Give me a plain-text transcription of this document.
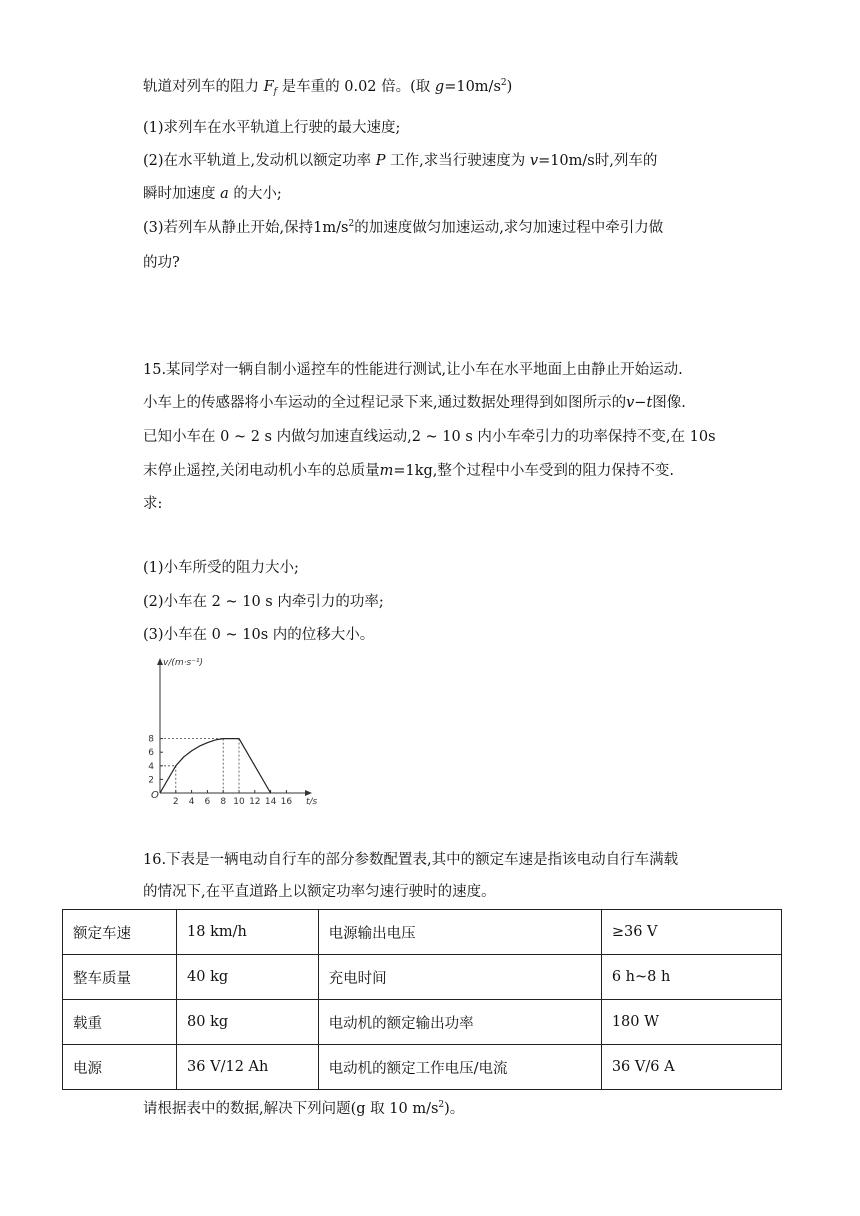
轨道对列车的阻力 $F_f$ 是车重的 0.02 倍。(取 $g=10m/s^2$)
(1)求列车在水平轨道上行驶的最大速度;
(2)在水平轨道上,发动机以额定功率 P 工作,求当行驶速度为 v=10m/s时,列车的
瞬时加速度 a 的大小;
(3)若列车从静止开始,保持$1m/s^2$的加速度做匀加速运动,求匀加速过程中牵引力做
的功?
15.某同学对一辆自制小遥控车的性能进行测试,让小车在水平地面上由静止开始运动.
小车上的传感器将小车运动的全过程记录下来,通过数据处理得到如图所示的v−t图像.
已知小车在 0 ~ 2 s 内做匀加速直线运动,2 ~ 10 s 内小车牵引力的功率保持不变,在 10s
末停止遥控,关闭电动机小车的总质量m=1kg,整个过程中小车受到的阻力保持不变.
求:
(1)小车所受的阻力大小;
(2)小车在 2 ~ 10 s 内牵引力的功率;
(3)小车在 0 ~ 10s 内的位移大小。
2 4 6 8 10 12 14 16
2
4
6
8
v/(m·s⁻¹)
t/s
O
16.下表是一辆电动自行车的部分参数配置表,其中的额定车速是指该电动自行车满载
的情况下,在平直道路上以额定功率匀速行驶时的速度。
额定车速	18 km/h	电源输出电压	≥36 V
整车质量	40 kg	充电时间	6 h~8 h
载重	80 kg	电动机的额定输出功率	180 W
电源	36 V/12 Ah	电动机的额定工作电压/电流	36 V/6 A
请根据表中的数据,解决下列问题(g 取 10 $m/s^2$)。
